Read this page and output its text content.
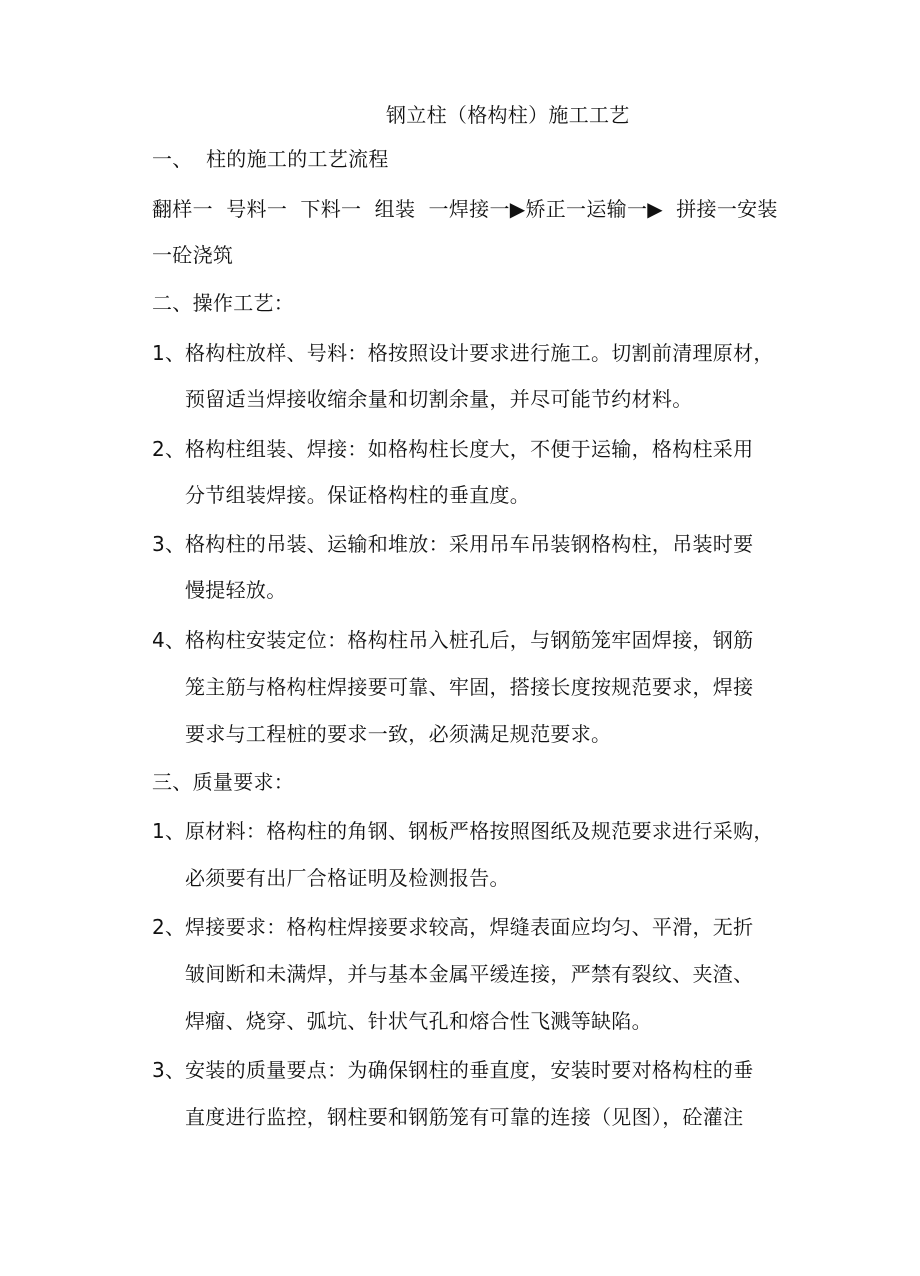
钢立柱（格构柱）施工工艺
一、 柱的施工的工艺流程
翻样一  号料一  下料一  组装  一焊接一▶矫正一运输一▶  拼接一安装
一砼浇筑
二、操作工艺：
1、格构柱放样、号料：格按照设计要求进行施工。切割前清理原材，
预留适当焊接收缩余量和切割余量，并尽可能节约材料。
2、格构柱组装、焊接：如格构柱长度大，不便于运输，格构柱采用
分节组装焊接。保证格构柱的垂直度。
3、格构柱的吊装、运输和堆放：采用吊车吊装钢格构柱，吊装时要
慢提轻放。
4、格构柱安装定位：格构柱吊入桩孔后，与钢筋笼牢固焊接，钢筋
笼主筋与格构柱焊接要可靠、牢固，搭接长度按规范要求，焊接
要求与工程桩的要求一致，必须满足规范要求。
三、质量要求：
1、原材料：格构柱的角钢、钢板严格按照图纸及规范要求进行采购，
必须要有出厂合格证明及检测报告。
2、焊接要求：格构柱焊接要求较高，焊缝表面应均匀、平滑，无折
皱间断和未满焊，并与基本金属平缓连接，严禁有裂纹、夹渣、
焊瘤、烧穿、弧坑、针状气孔和熔合性飞溅等缺陷。
3、安装的质量要点：为确保钢柱的垂直度，安装时要对格构柱的垂
直度进行监控，钢柱要和钢筋笼有可靠的连接（见图），砼灌注
